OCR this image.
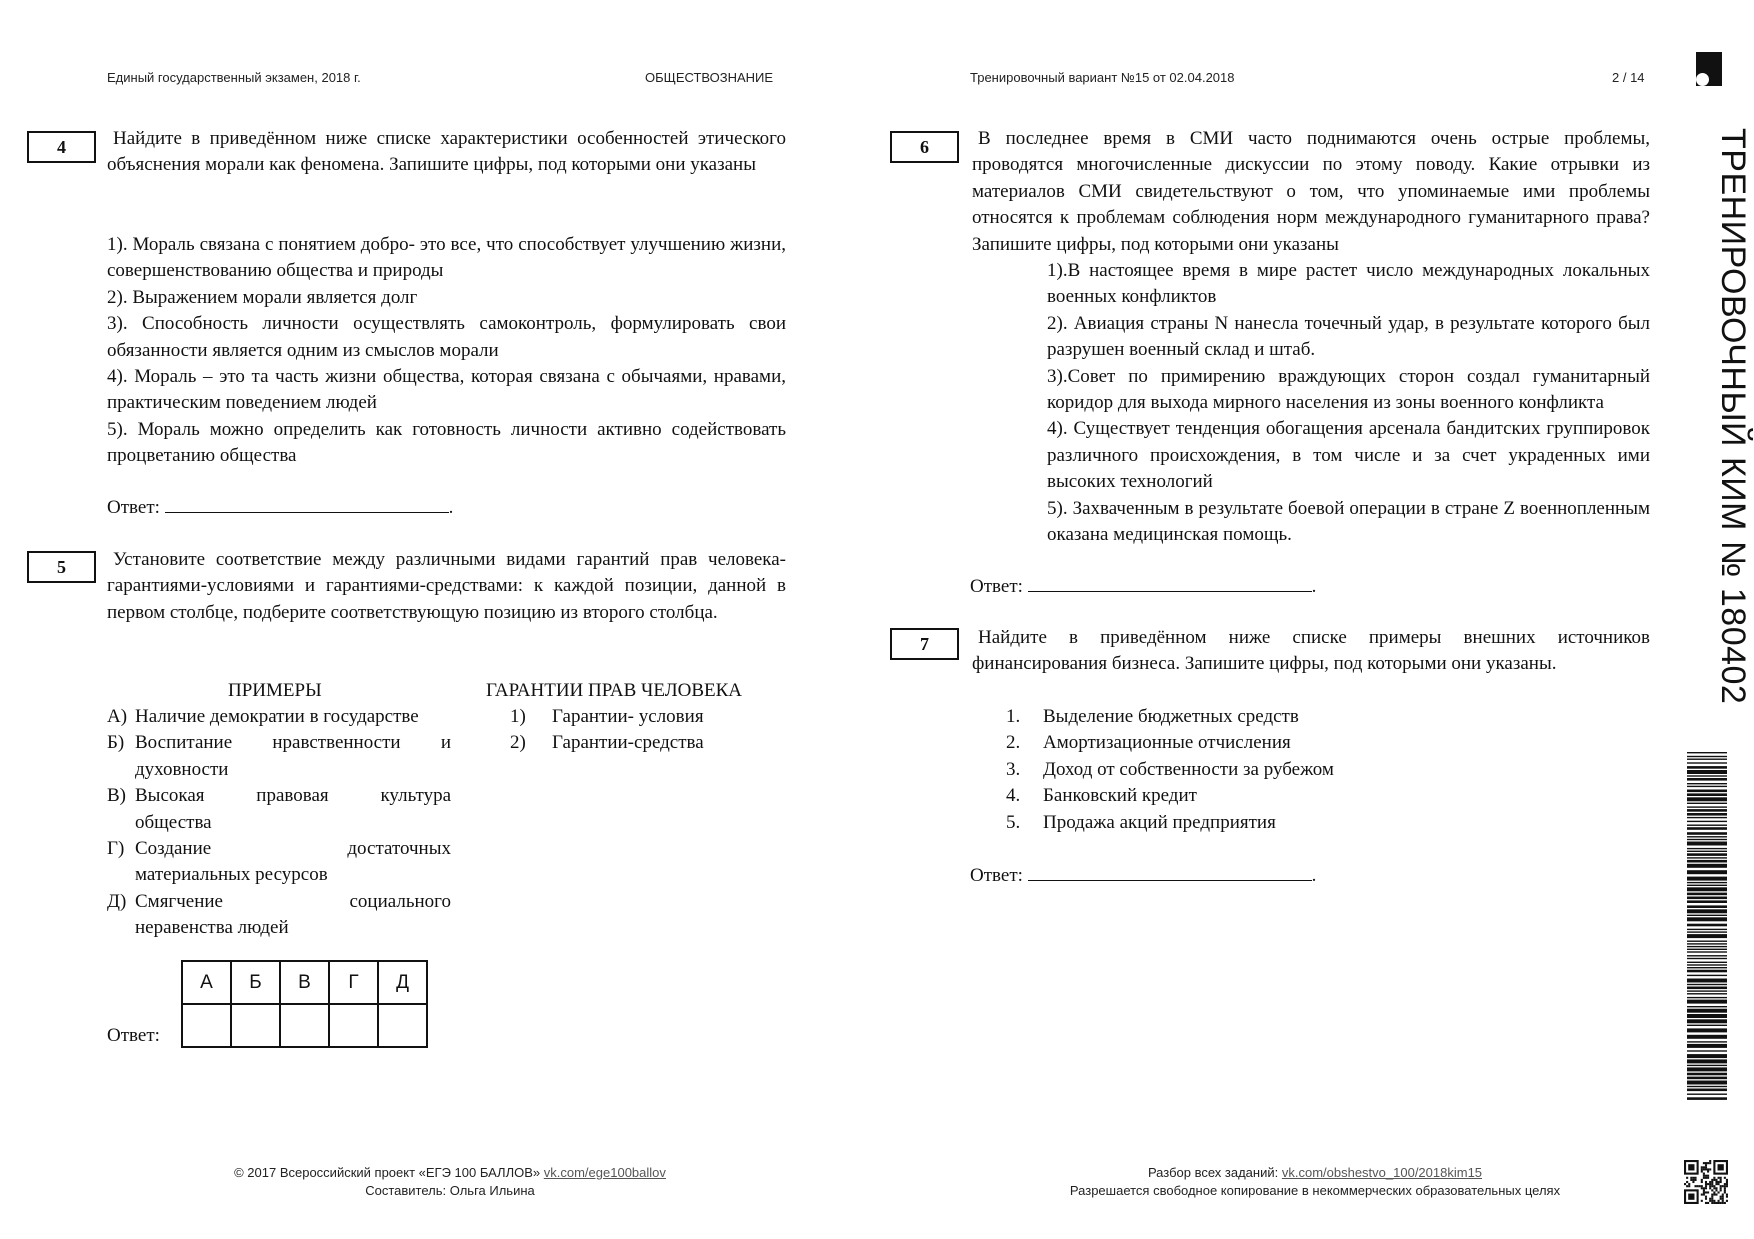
Единый государственный экзамен, 2018 г.	ОБЩЕСТВОЗНАНИЕ	Тренировочный вариант №15 от 02.04.2018	2 / 14
4	Найдите в приведённом ниже списке характеристики особенностей этического объяснения морали как феномена. Запишите цифры, под которыми они указаны

1). Мораль связана с понятием добро- это все, что способствует улучшению жизни, совершенствованию общества и природы

2). Выражением морали является долг

3). Способность личности осуществлять самоконтроль, формулировать свои обязанности является одним из смыслов морали

4). Мораль – это та часть жизни общества, которая связана с обычаями, нравами, практическим поведением людей

5). Мораль можно определить как готовность личности активно содействовать процветанию общества

Ответ:	.
5	Установите соответствие между различными видами гарантий прав человека- гарантиями-условиями и гарантиями-средствами: к каждой позиции, данной в первом столбце, подберите соответствующую позицию из второго столбца.

ПРИМЕРЫ	ГАРАНТИИ ПРАВ ЧЕЛОВЕКА
А) Наличие демократии в государстве
Б) Воспитание нравственности и
духовности
В) Высокая правовая культура
общества
Г) Создание достаточных
материальных ресурсов
Д) Смягчение социального
неравенства людей
1)	Гарантии- условия
2)	Гарантии-средства
Ответ:
А	Б	В	Г	Д

6	В последнее время в СМИ часто поднимаются очень острые проблемы, проводятся многочисленные дискуссии по этому поводу. Какие отрывки из материалов СМИ свидетельствуют о том, что упоминаемые ими проблемы относятся к проблемам соблюдения норм международного гуманитарного права? Запишите цифры, под которыми они указаны

1).В настоящее время в мире растет число международных локальных военных конфликтов

2). Авиация страны N нанесла точечный удар, в результате которого был разрушен военный склад и штаб.

3).Совет по примирению враждующих сторон создал гуманитарный коридор для выхода мирного населения из зоны военного конфликта

4). Существует тенденция обогащения арсенала бандитских группировок различного происхождения, в том числе и за счет украденных ими высоких технологий

5). Захваченным в результате боевой операции в стране Z военнопленным оказана медицинская помощь.

Ответ:	.
7	Найдите в приведённом ниже списке примеры внешних источников финансирования бизнеса. Запишите цифры, под которыми они указаны.

1.	Выделение бюджетных средств
2.	Амортизационные отчисления
3.	Доход от собственности за рубежом
4.	Банковский кредит
5.	Продажа акций предприятия
Ответ:	.
ТРЕНИРОВОЧНЫЙ КИМ № 180402
© 2017 Всероссийский проект «ЕГЭ 100 БАЛЛОВ» vk.com/ege100ballov
Составитель: Ольга Ильина
Разбор всех заданий: vk.com/obshestvo_100/2018kim15
Разрешается свободное копирование в некоммерческих образовательных целях
